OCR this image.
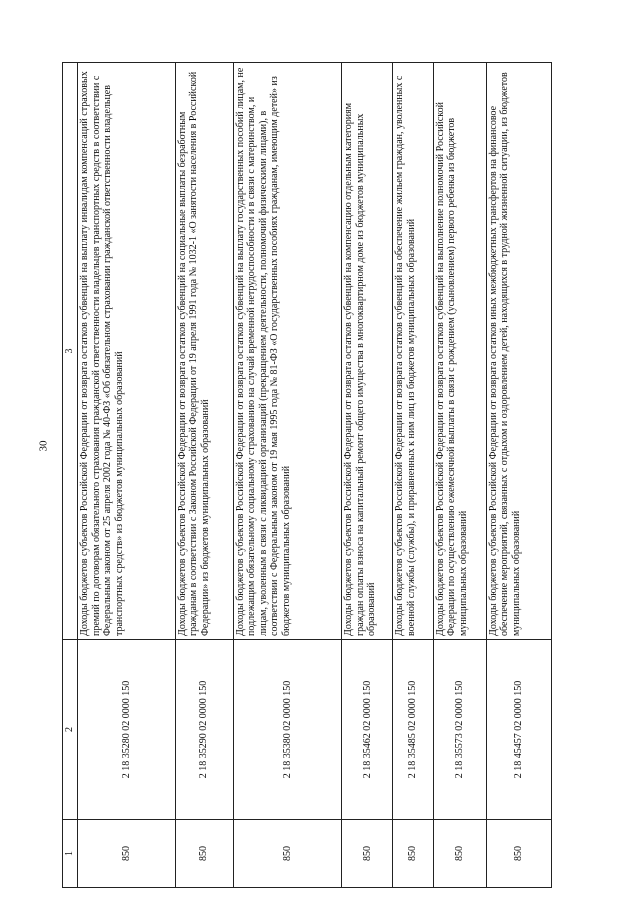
30
1	2	3
850	2 18 35280 02 0000 150	Доходы бюджетов субъектов Российской Федерации от возврата остатков субвенций на выплату инвалидам компенсаций страховых премий по договорам обязательного страхования гражданской ответственности владельцев транспортных средств в соответствии с Федеральным законом от 25 апреля 2002 года № 40-ФЗ «Об обязательном страховании гражданской ответственности владельцев транспортных средств» из бюджетов муниципальных образований
850	2 18 35290 02 0000 150	Доходы бюджетов субъектов Российской Федерации от возврата остатков субвенций на социальные выплаты безработным гражданам в соответствии с Законом Российской Федерации от 19 апреля 1991 года № 1032-1 «О занятости населения в Российской Федерации» из бюджетов муниципальных образований
850	2 18 35380 02 0000 150	Доходы бюджетов субъектов Российской Федерации от возврата остатков субвенций на выплату государственных пособий лицам, не подлежащим обязательному социальному страхованию на случай временной нетрудоспособности и в связи с материнством, и лицам, уволенным в связи с ликвидацией организаций (прекращением деятельности, полномочий физическими лицами), в соответствии с Федеральным законом от 19 мая 1995 года № 81-ФЗ «О государственных пособиях гражданам, имеющим детей» из бюджетов муниципальных образований
850	2 18 35462 02 0000 150	Доходы бюджетов субъектов Российской Федерации от возврата остатков субвенций на компенсацию отдельным категориям граждан оплаты взноса на капитальный ремонт общего имущества в многоквартирном доме из бюджетов муниципальных образований
850	2 18 35485 02 0000 150	Доходы бюджетов субъектов Российской Федерации от возврата остатков субвенций на обеспечение жильем граждан, уволенных с военной службы (службы), и приравненных к ним лиц из бюджетов муниципальных образований
850	2 18 35573 02 0000 150	Доходы бюджетов субъектов Российской Федерации от возврата остатков субвенций на выполнение полномочий Российской Федерации по осуществлению ежемесячной выплаты в связи с рождением (усыновлением) первого ребенка из бюджетов муниципальных образований
850	2 18 45457 02 0000 150	Доходы бюджетов субъектов Российской Федерации от возврата остатков иных межбюджетных трансфертов на финансовое обеспечение мероприятий, связанных с отдыхом и оздоровлением детей, находящихся в трудной жизненной ситуации, из бюджетов муниципальных образований
